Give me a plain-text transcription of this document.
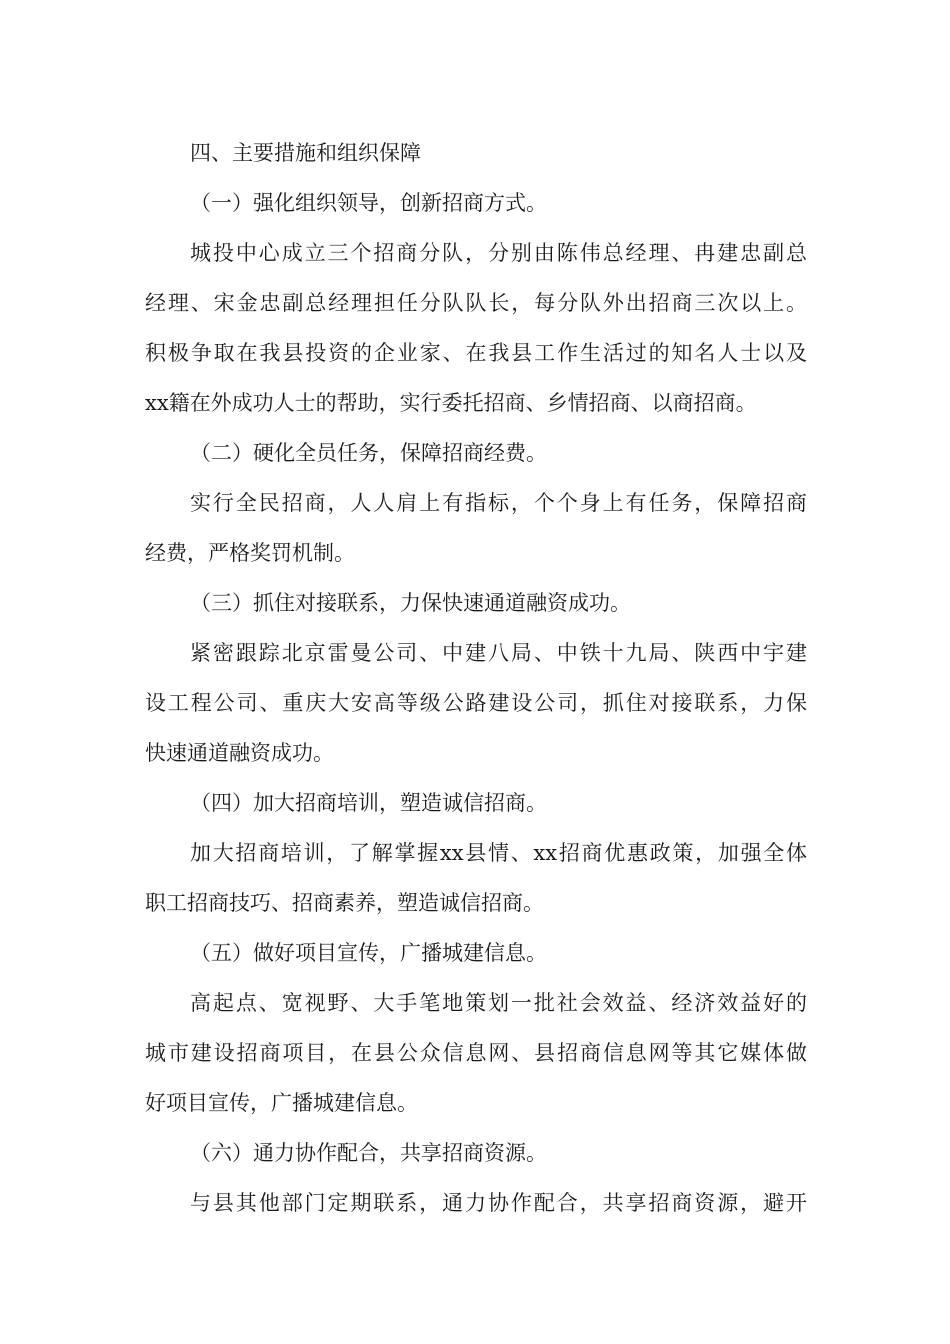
四、主要措施和组织保障
（一）强化组织领导，创新招商方式。
城投中心成立三个招商分队，分别由陈伟总经理、冉建忠副总
经理、宋金忠副总经理担任分队队长，每分队外出招商三次以上。
积极争取在我县投资的企业家、在我县工作生活过的知名人士以及
xx籍在外成功人士的帮助，实行委托招商、乡情招商、以商招商。
（二）硬化全员任务，保障招商经费。
实行全民招商，人人肩上有指标，个个身上有任务，保障招商
经费，严格奖罚机制。
（三）抓住对接联系，力保快速通道融资成功。
紧密跟踪北京雷曼公司、中建八局、中铁十九局、陕西中宇建
设工程公司、重庆大安高等级公路建设公司，抓住对接联系，力保
快速通道融资成功。
（四）加大招商培训，塑造诚信招商。
加大招商培训，了解掌握xx县情、xx招商优惠政策，加强全体
职工招商技巧、招商素养，塑造诚信招商。
（五）做好项目宣传，广播城建信息。
高起点、宽视野、大手笔地策划一批社会效益、经济效益好的
城市建设招商项目，在县公众信息网、县招商信息网等其它媒体做
好项目宣传，广播城建信息。
（六）通力协作配合，共享招商资源。
与县其他部门定期联系，通力协作配合，共享招商资源，避开
